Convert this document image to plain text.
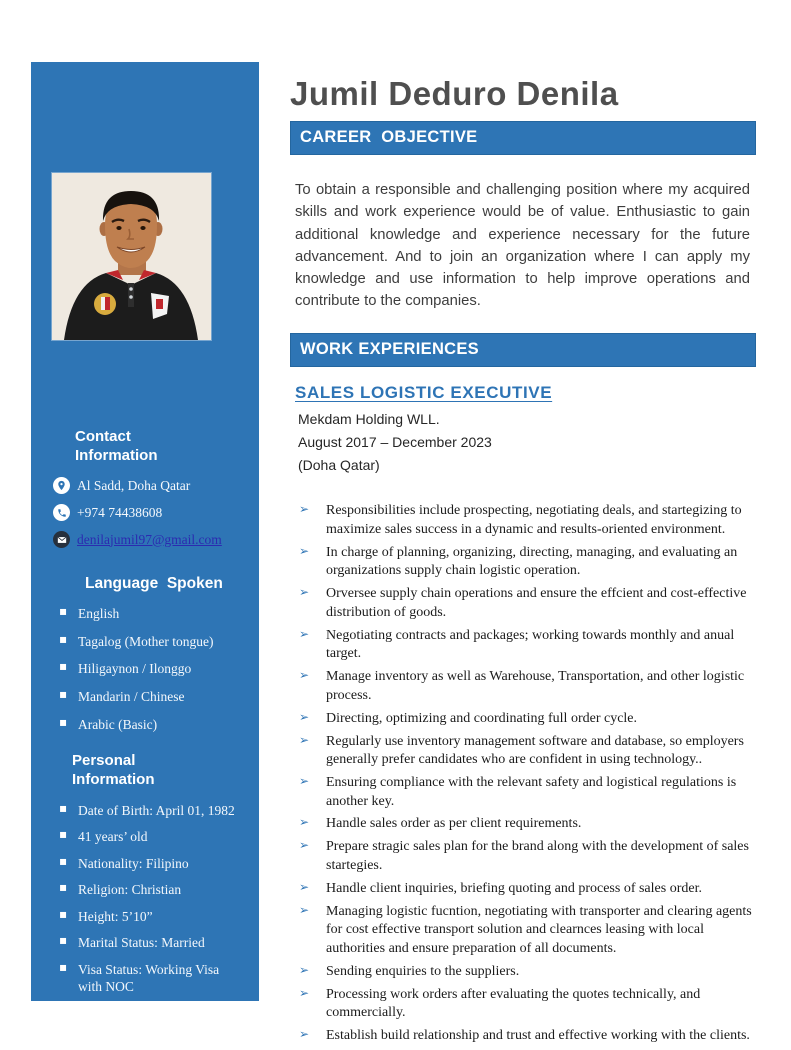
Contact Information
Al Sadd, Doha Qatar
+974 74438608
denilajumil97@gmail.com
Language  Spoken
▪ English
▪ Tagalog (Mother tongue)
▪ Hiligaynon / Ilonggo
▪ Mandarin / Chinese
▪ Arabic (Basic)
Personal Information
▪ Date of Birth: April 01, 1982
▪ 41 years’ old
▪ Nationality: Filipino
▪ Religion: Christian
▪ Height: 5’10”
▪ Marital Status: Married
▪ Visa Status: Working Visa with NOC
Jumil Deduro Denila
CAREER  OBJECTIVE

To obtain a responsible and challenging position where my acquired skills and work experience would be of value. Enthusiastic to gain additional knowledge and experience necessary for the future advancement. And to join an organization where I can apply my knowledge and use information to help improve operations and contribute to the companies.

WORK EXPERIENCES
SALES LOGISTIC EXECUTIVE
Mekdam Holding WLL.
August 2017 – December 2023
(Doha Qatar)
➢ Responsibilities include prospecting, negotiating deals, and startegizing to maximize sales success in a dynamic and results-oriented environment.
➢ In charge of planning, organizing, directing, managing, and evaluating an organizations supply chain logistic operation.
➢ Orversee supply chain operations and ensure the effcient and cost-effective distribution of goods.
➢ Negotiating contracts and packages; working towards monthly and anual target.
➢ Manage inventory as well as Warehouse, Transportation, and other logistic process.
➢ Directing, optimizing and coordinating full order cycle.
➢ Regularly use inventory management software and database, so employers generally prefer candidates who are confident in using technology..
➢ Ensuring compliance with the relevant safety and logistical regulations is another key.
➢ Handle sales order as per client requirements.
➢ Prepare stragic sales plan for the brand along with the development of sales startegies.
➢ Handle client inquiries, briefing quoting and process of sales order.
➢ Managing logistic fucntion, negotiating with transporter and clearing agents for cost effective transport solution and clearnces leasing with local authorities and ensure preparation of all documents.
➢ Sending enquiries to the suppliers.
➢ Processing work orders after evaluating the quotes technically, and commercially.
➢ Establish build relationship and trust and effective working with the clients.
